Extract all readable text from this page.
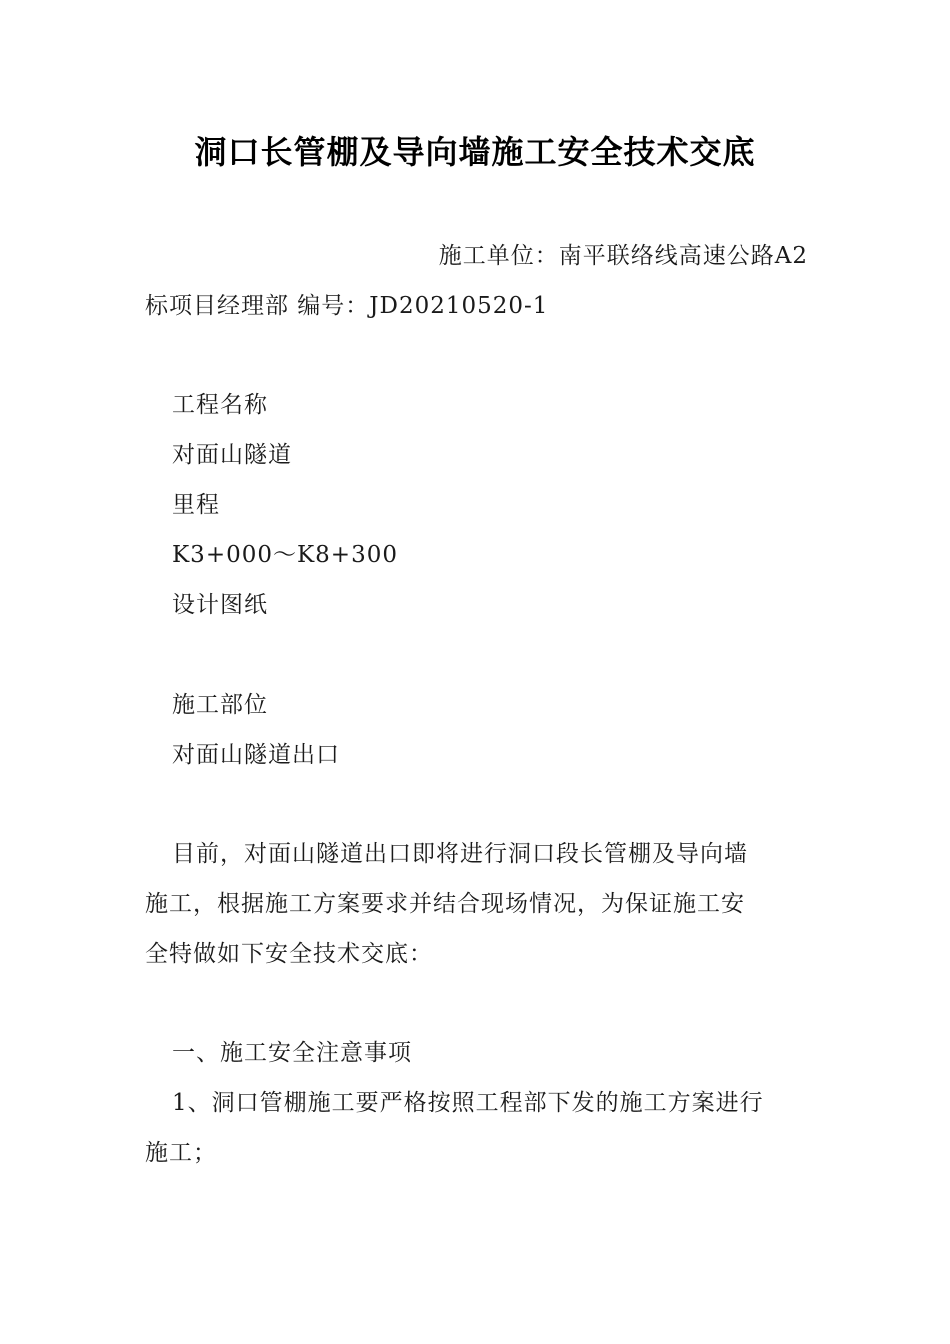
洞口长管棚及导向墙施工安全技术交底
施工单位：南平联络线高速公路A2
标项目经理部 编号：JD20210520-1
工程名称
对面山隧道
里程
K3+000～K8+300
设计图纸
施工部位
对面山隧道出口
目前，对面山隧道出口即将进行洞口段长管棚及导向墙
施工，根据施工方案要求并结合现场情况，为保证施工安
全特做如下安全技术交底：
一、施工安全注意事项
1、洞口管棚施工要严格按照工程部下发的施工方案进行
施工；
